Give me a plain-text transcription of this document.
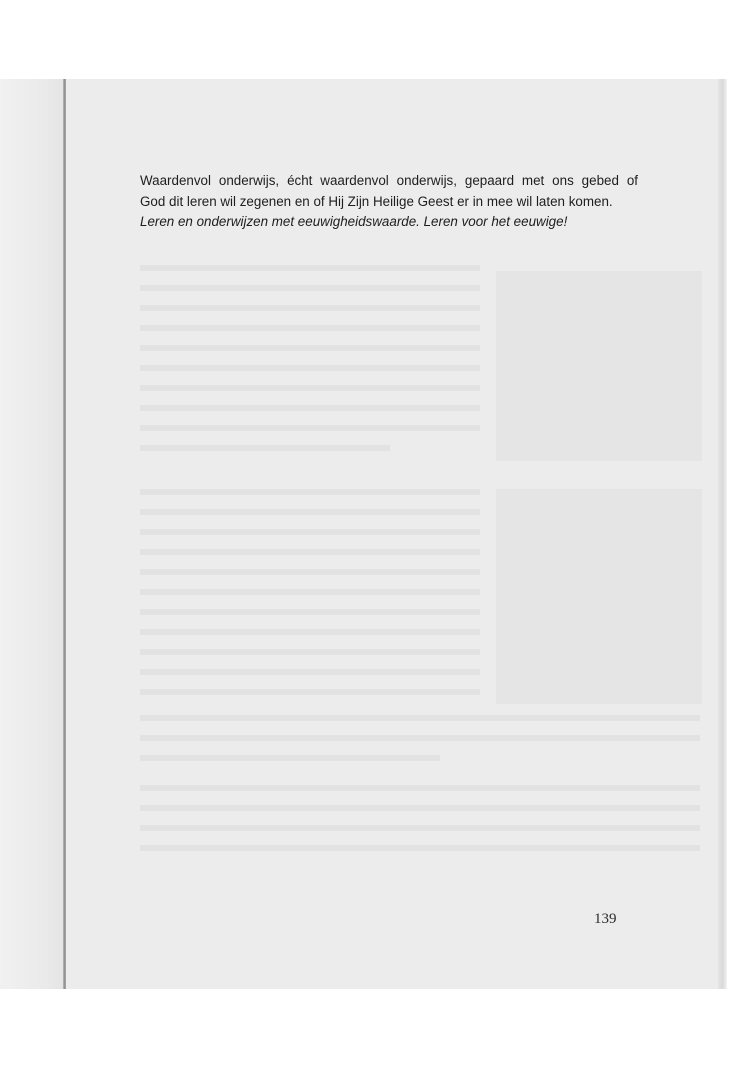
Waardenvol onderwijs, écht waardenvol onderwijs, gepaard met ons gebed of
God dit leren wil zegenen en of Hij Zijn Heilige Geest er in mee wil laten komen.
Leren en onderwijzen met eeuwigheidswaarde. Leren voor het eeuwige!

139
